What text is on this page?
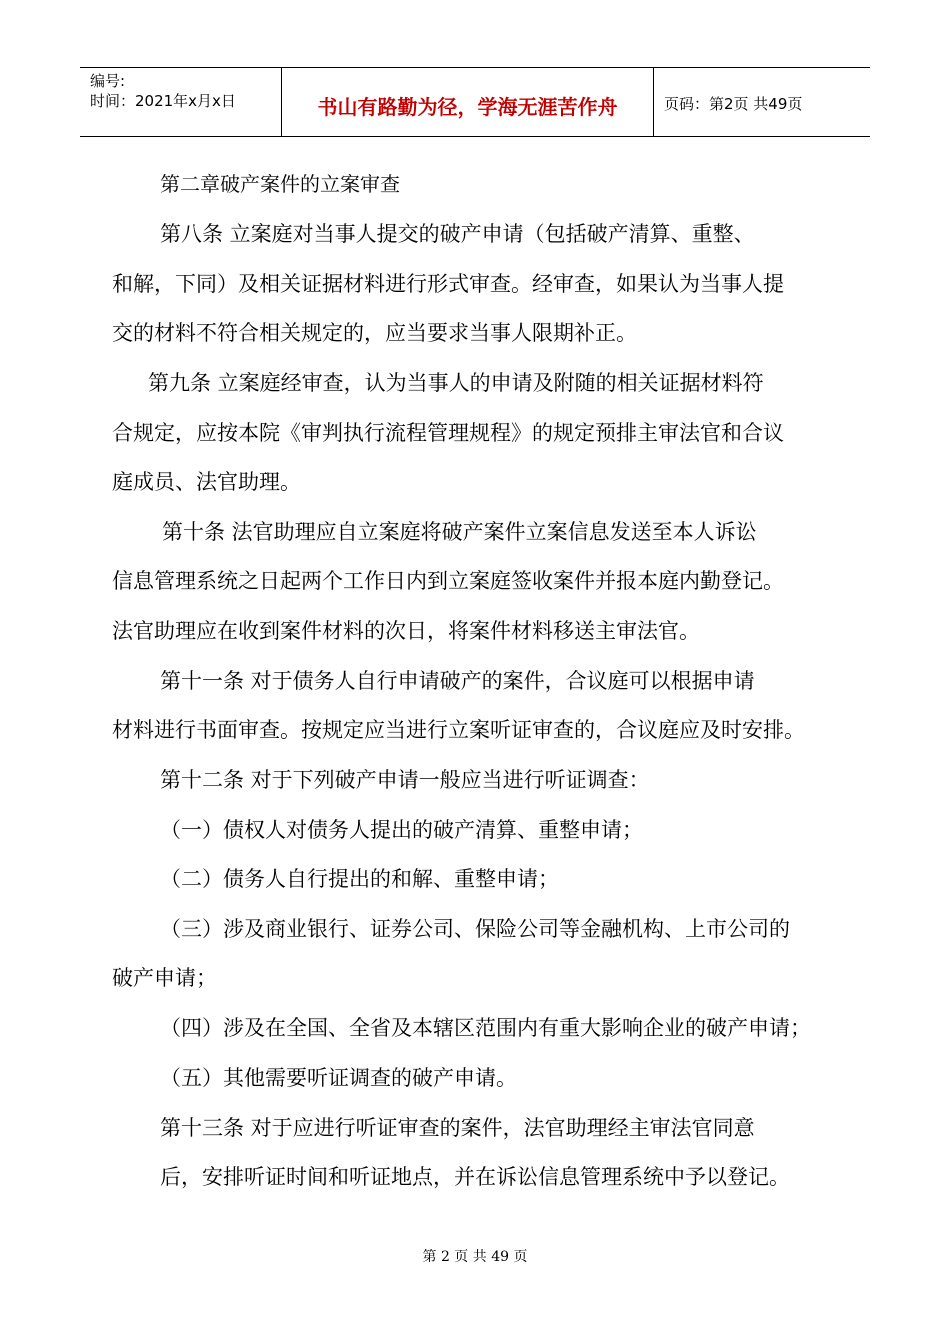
编号:
时间：2021年x月x日	书山有路勤为径，学海无涯苦作舟	页码：第2页 共49页
第二章破产案件的立案审查
第八条 立案庭对当事人提交的破产申请（包括破产清算、重整、
和解，下同）及相关证据材料进行形式审查。经审查，如果认为当事人提
交的材料不符合相关规定的，应当要求当事人限期补正。
第九条 立案庭经审查，认为当事人的申请及附随的相关证据材料符
合规定，应按本院《审判执行流程管理规程》的规定预排主审法官和合议
庭成员、法官助理。
第十条 法官助理应自立案庭将破产案件立案信息发送至本人诉讼
信息管理系统之日起两个工作日内到立案庭签收案件并报本庭内勤登记。
法官助理应在收到案件材料的次日，将案件材料移送主审法官。
第十一条 对于债务人自行申请破产的案件，合议庭可以根据申请
材料进行书面审查。按规定应当进行立案听证审查的，合议庭应及时安排。
第十二条 对于下列破产申请一般应当进行听证调查：
（一）债权人对债务人提出的破产清算、重整申请；
（二）债务人自行提出的和解、重整申请；
（三）涉及商业银行、证券公司、保险公司等金融机构、上市公司的
破产申请；
（四）涉及在全国、全省及本辖区范围内有重大影响企业的破产申请；
（五）其他需要听证调查的破产申请。
第十三条 对于应进行听证审查的案件，法官助理经主审法官同意
后，安排听证时间和听证地点，并在诉讼信息管理系统中予以登记。
第 2 页 共 49 页
